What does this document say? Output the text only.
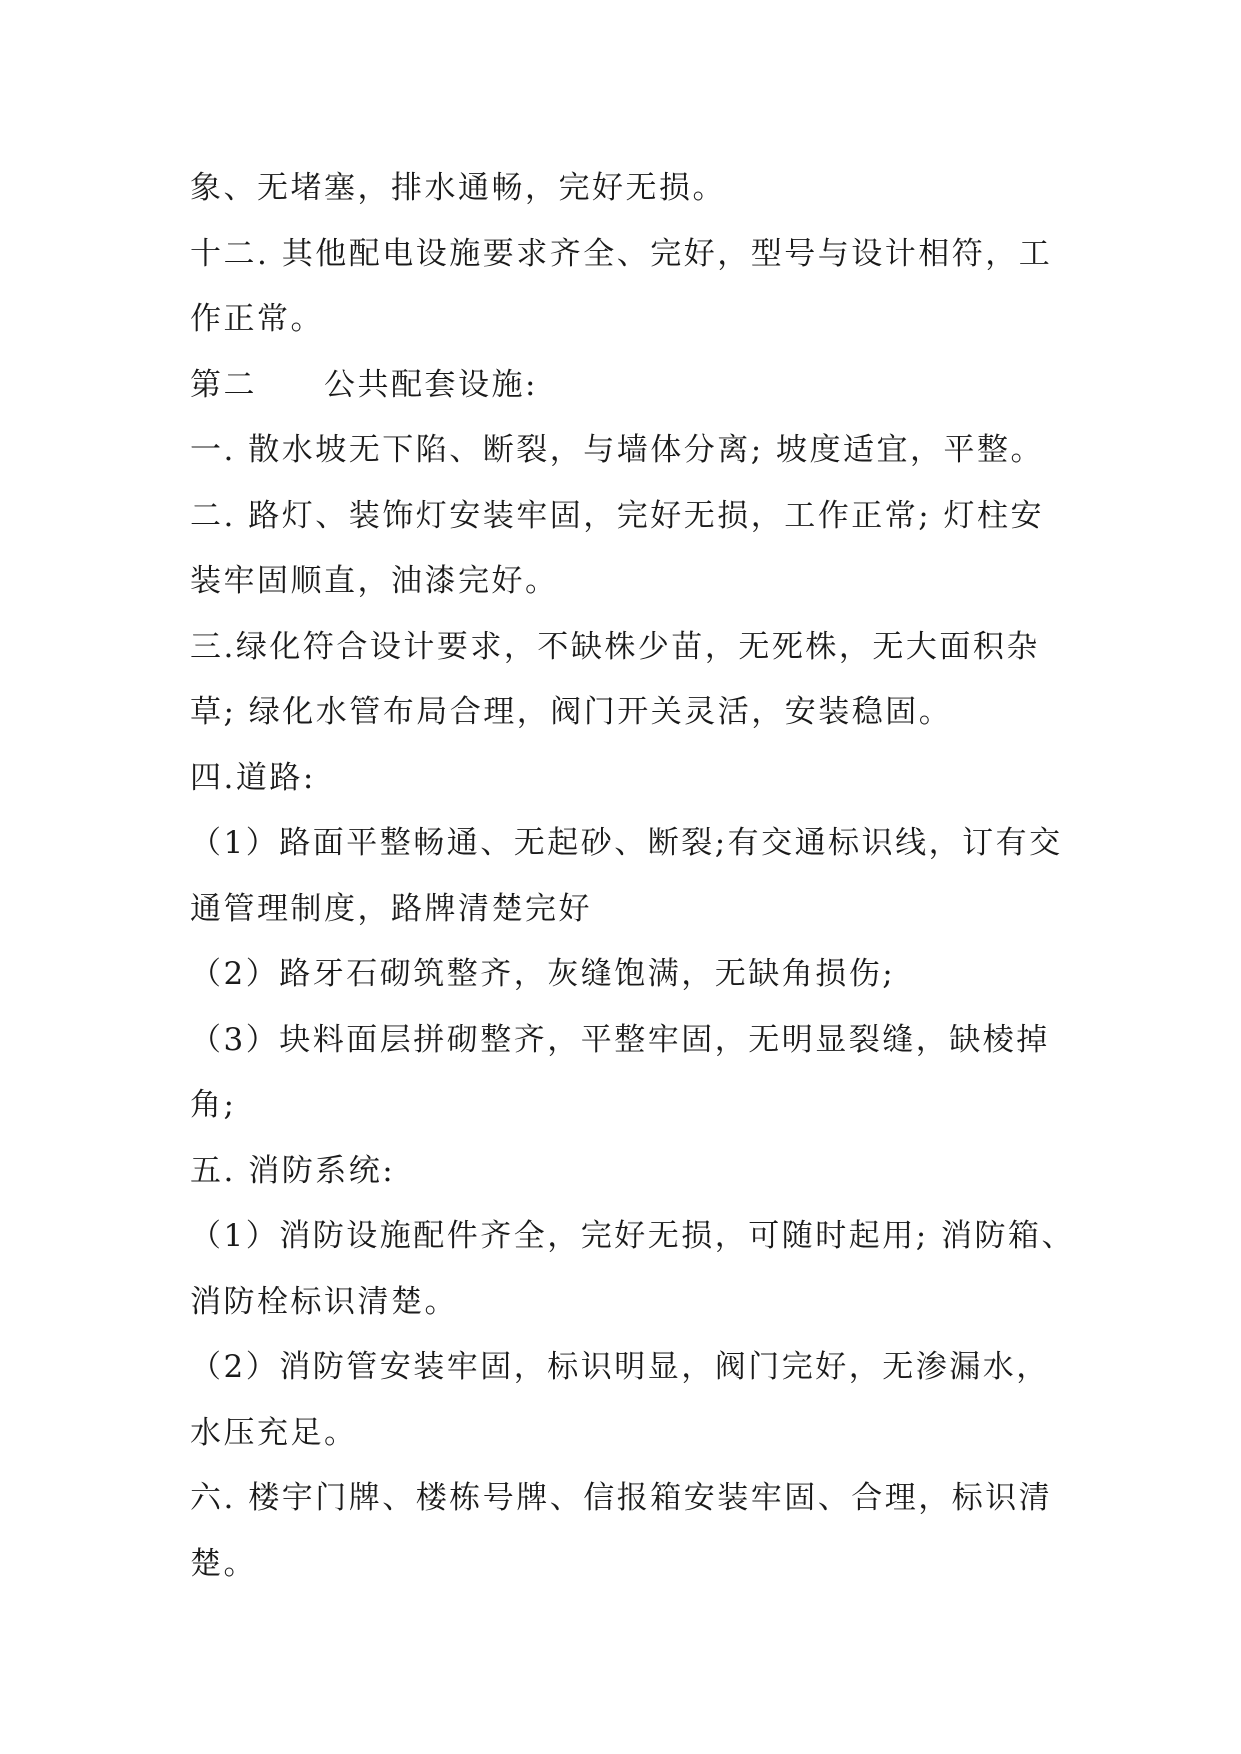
象、无堵塞，排水通畅，完好无损。

十二. 其他配电设施要求齐全、完好，型号与设计相符，工

作正常。

第二　　公共配套设施:

一. 散水坡无下陷、断裂，与墙体分离; 坡度适宜，平整。

二. 路灯、装饰灯安装牢固，完好无损，工作正常; 灯柱安

装牢固顺直，油漆完好。

三.绿化符合设计要求，不缺株少苗，无死株，无大面积杂

草; 绿化水管布局合理，阀门开关灵活，安装稳固。

四.道路:

（1）路面平整畅通、无起砂、断裂;有交通标识线，订有交

通管理制度，路牌清楚完好

（2）路牙石砌筑整齐，灰缝饱满，无缺角损伤;

（3）块料面层拼砌整齐，平整牢固，无明显裂缝，缺棱掉

角;

五. 消防系统:

（1）消防设施配件齐全，完好无损，可随时起用; 消防箱、

消防栓标识清楚。

（2）消防管安装牢固，标识明显，阀门完好，无渗漏水，

水压充足。

六. 楼宇门牌、楼栋号牌、信报箱安装牢固、合理，标识清

楚。
